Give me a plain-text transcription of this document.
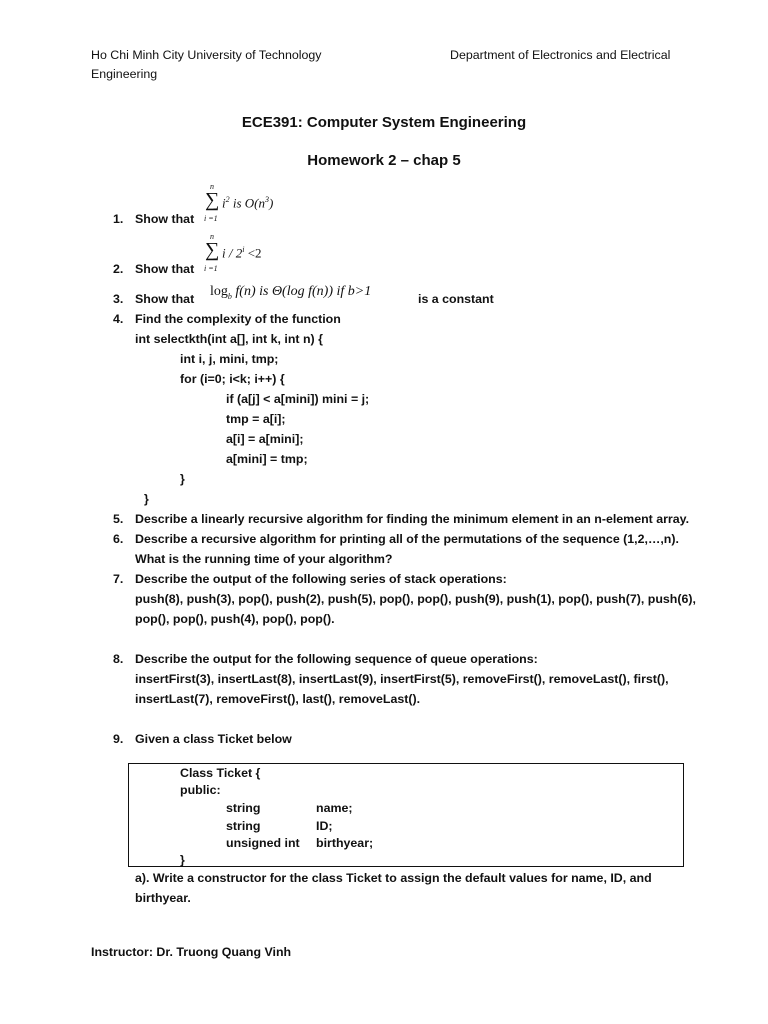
Ho Chi Minh City University of Technology	Department of Electronics and Electrical
Engineering
ECE391: Computer System Engineering
Homework 2 – chap 5
1. Show that
n
∑
i =1
$i^2$ is $O(n^3)$
2. Show that
n
∑
i =1
$i / 2^i <2$
3. Show that $\log_b f(n)$ is Θ(log f(n)) if b>1	is a constant
4. Find the complexity of the function
int selectkth(int a[], int k, int n) {
int i, j, mini, tmp;
for (i=0; i<k; i++) {
if (a[j] < a[mini]) mini = j;
tmp = a[i];
a[i] = a[mini];
a[mini] = tmp;
}
}
5. Describe a linearly recursive algorithm for finding the minimum element in an n-element array.
6. Describe a recursive algorithm for printing all of the permutations of the sequence (1,2,…,n).
What is the running time of your algorithm?
7. Describe the output of the following series of stack operations:
push(8), push(3), pop(), push(2), push(5), pop(), pop(), push(9), push(1), pop(), push(7), push(6),
pop(), pop(), push(4), pop(), pop().
8. Describe the output for the following sequence of queue operations:
insertFirst(3), insertLast(8), insertLast(9), insertFirst(5), removeFirst(), removeLast(), first(),
insertLast(7), removeFirst(), last(), removeLast().
9. Given a class Ticket below
Class Ticket {
public:
string	name;
string	ID;
unsigned int birthyear;
}
a). Write a constructor for the class Ticket to assign the default values for name, ID, and
birthyear.
Instructor: Dr. Truong Quang Vinh
